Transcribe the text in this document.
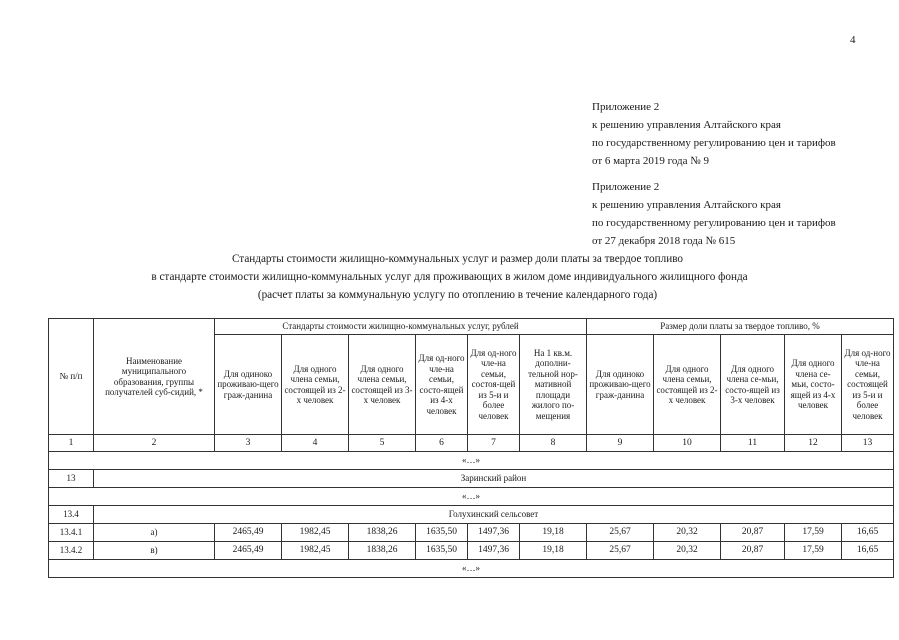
4
Приложение 2
к решению управления Алтайского края
по государственному регулированию цен и тарифов
от 6 марта 2019 года № 9
Приложение 2
к решению управления Алтайского края
по государственному регулированию цен и тарифов
от 27 декабря 2018 года № 615
Стандарты стоимости жилищно-коммунальных услуг и размер доли платы за твердое топливо
в стандарте стоимости жилищно-коммунальных услуг для проживающих в жилом доме индивидуального жилищного фонда
(расчет платы за коммунальную услугу по отоплению в течение календарного года)
№ п/п	Наименование муниципального образования, группы получателей суб-сидий, *	Стандарты стоимости жилищно-коммунальных услуг, рублей						Размер доли платы за твердое топливо, %				
		Для одиноко проживаю-щего граж-данина	Для одного члена семьи, состоящей из 2-х человек	Для одного члена семьи, состоящей из 3-х человек	Для од-ного чле-на семьи, состо-ящей из 4-х человек	Для од-ного чле-на семьи, состоя-щей из 5-и и более человек	На 1 кв.м. дополни-тельной нор-мативной площади жилого по-мещения	Для одиноко проживаю-щего граж-данина	Для одного члена семьи, состоящей из 2-х человек	Для одного члена се-мьи, состо-ящей из 3-х человек	Для одного члена се-мьи, состо-ящей из 4-х человек	Для од-ного чле-на семьи, состоящей из 5-и и более человек
1	2	3	4	5	6	7	8	9	10	11	12	13
«…»												
13	Заринский район											
«…»												
13.4	Голухинский сельсовет											
13.4.1	а)	2465,49	1982,45	1838,26	1635,50	1497,36	19,18	25,67	20,32	20,87	17,59	16,65
13.4.2	в)	2465,49	1982,45	1838,26	1635,50	1497,36	19,18	25,67	20,32	20,87	17,59	16,65
«…»												
